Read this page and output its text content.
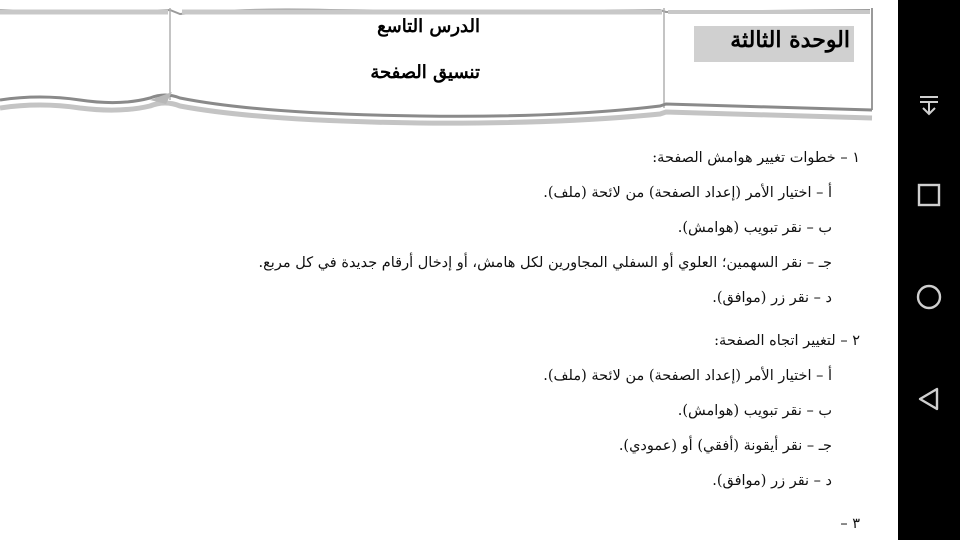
الوحدة الثالثة
الدرس التاسع
تنسيق الصفحة
١ – خطوات تغيير هوامش الصفحة:
أ – اختيار الأمر (إعداد الصفحة) من لائحة (ملف).
ب – نقر تبويب (هوامش).
جـ – نقر السهمين؛ العلوي أو السفلي المجاورين لكل هامش، أو إدخال أرقام جديدة في كل مربع.
د – نقر زر (موافق).
٢ – لتغيير اتجاه الصفحة:
أ – اختيار الأمر (إعداد الصفحة) من لائحة (ملف).
ب – نقر تبويب (هوامش).
جـ – نقر أيقونة (أفقي) أو (عمودي).
د – نقر زر (موافق).
٣ –
